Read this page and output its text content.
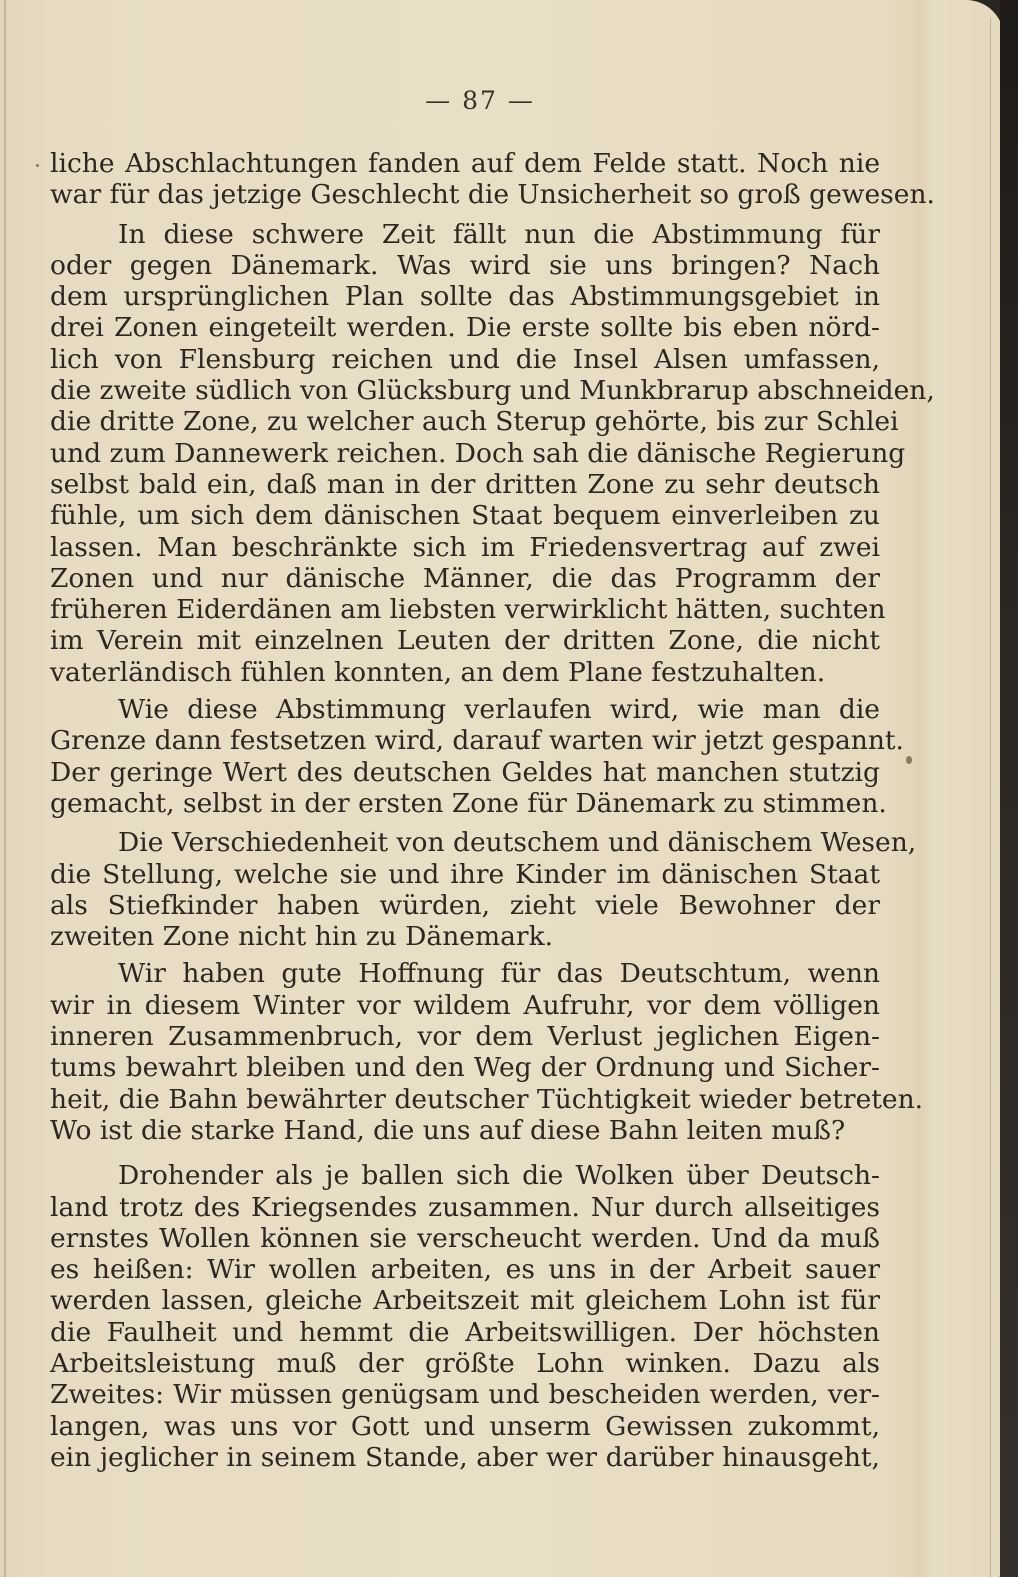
— 87 —

liche Abschlachtungen fanden auf dem Felde statt. Noch nie
war für das jetzige Geschlecht die Unsicherheit so groß gewesen.

In diese schwere Zeit fällt nun die Abstimmung für
oder gegen Dänemark. Was wird sie uns bringen? Nach
dem ursprünglichen Plan sollte das Abstimmungsgebiet in
drei Zonen eingeteilt werden. Die erste sollte bis eben nörd-
lich von Flensburg reichen und die Insel Alsen umfassen,
die zweite südlich von Glücksburg und Munkbrarup abschneiden,
die dritte Zone, zu welcher auch Sterup gehörte, bis zur Schlei
und zum Dannewerk reichen. Doch sah die dänische Regierung
selbst bald ein, daß man in der dritten Zone zu sehr deutsch
fühle, um sich dem dänischen Staat bequem einverleiben zu
lassen. Man beschränkte sich im Friedensvertrag auf zwei
Zonen und nur dänische Männer, die das Programm der
früheren Eiderdänen am liebsten verwirklicht hätten, suchten
im Verein mit einzelnen Leuten der dritten Zone, die nicht
vaterländisch fühlen konnten, an dem Plane festzuhalten.

Wie diese Abstimmung verlaufen wird, wie man die
Grenze dann festsetzen wird, darauf warten wir jetzt gespannt.
Der geringe Wert des deutschen Geldes hat manchen stutzig
gemacht, selbst in der ersten Zone für Dänemark zu stimmen.

Die Verschiedenheit von deutschem und dänischem Wesen,
die Stellung, welche sie und ihre Kinder im dänischen Staat
als Stiefkinder haben würden, zieht viele Bewohner der
zweiten Zone nicht hin zu Dänemark.

Wir haben gute Hoffnung für das Deutschtum, wenn
wir in diesem Winter vor wildem Aufruhr, vor dem völligen
inneren Zusammenbruch, vor dem Verlust jeglichen Eigen-
tums bewahrt bleiben und den Weg der Ordnung und Sicher-
heit, die Bahn bewährter deutscher Tüchtigkeit wieder betreten.
Wo ist die starke Hand, die uns auf diese Bahn leiten muß?

Drohender als je ballen sich die Wolken über Deutsch-
land trotz des Kriegsendes zusammen. Nur durch allseitiges
ernstes Wollen können sie verscheucht werden. Und da muß
es heißen: Wir wollen arbeiten, es uns in der Arbeit sauer
werden lassen, gleiche Arbeitszeit mit gleichem Lohn ist für
die Faulheit und hemmt die Arbeitswilligen. Der höchsten
Arbeitsleistung muß der größte Lohn winken. Dazu als
Zweites: Wir müssen genügsam und bescheiden werden, ver-
langen, was uns vor Gott und unserm Gewissen zukommt,
ein jeglicher in seinem Stande, aber wer darüber hinausgeht,
